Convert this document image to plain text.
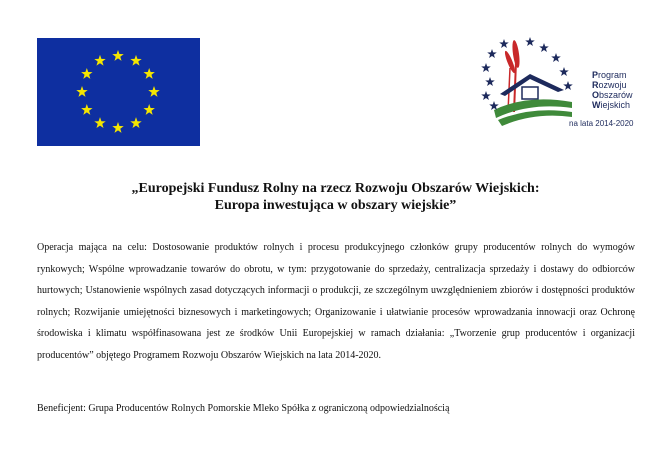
Program
Rozwoju
Obszarów
Wiejskich
na lata 2014-2020
„Europejski Fundusz Rolny na rzecz Rozwoju Obszarów Wiejskich:
Europa inwestująca w obszary wiejskie”
Operacja mająca na celu: Dostosowanie produktów rolnych i procesu produkcyjnego członków grupy producentów rolnych do wymogów rynkowych; Wspólne wprowadzanie towarów do obrotu, w tym: przygotowanie do sprzedaży, centralizacja sprzedaży i dostawy do odbiorców hurtowych; Ustanowienie wspólnych zasad dotyczących informacji o produkcji, ze szczególnym uwzględnieniem zbiorów i dostępności produktów rolnych; Rozwijanie umiejętności biznesowych i marketingowych; Organizowanie i ułatwianie procesów wprowadzania innowacji oraz Ochronę środowiska i klimatu współfinasowana jest ze środków Unii Europejskiej w ramach działania: „Tworzenie grup producentów i organizacji producentów” objętego Programem Rozwoju Obszarów Wiejskich na lata 2014-2020.
Beneficjent: Grupa Producentów Rolnych Pomorskie Mleko Spółka z ograniczoną odpowiedzialnością
